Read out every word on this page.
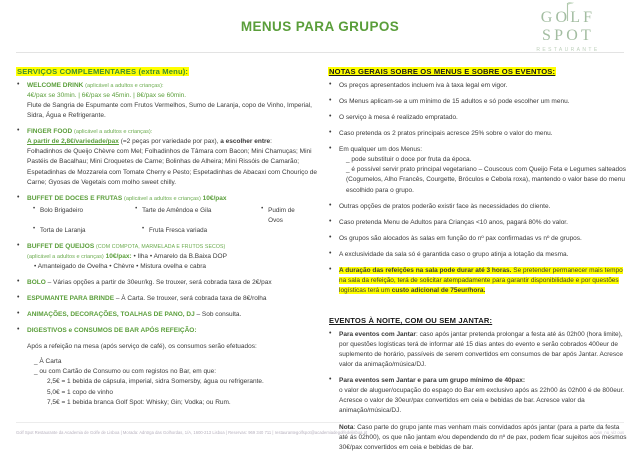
MENUS PARA GRUPOS	GOLF SPOT
RESTAURANTE
SERVIÇOS COMPLEMENTARES (extra Menu):
• WELCOME DRINK (aplicável a adultos e crianças):
4€/pax se 30min. | 6€/pax se 45min. | 8€/pax se 60min.
Flute de Sangria de Espumante com Frutos Vermelhos, Sumo de Laranja, copo de Vinho, Imperial, Sidra, Água e Refrigerante.
• FINGER FOOD (aplicável a adultos e crianças):
A partir de 2,8€/variedade/pax (=2 peças por variedade por pax), a escolher entre:
Folhadinhos de Queijo Chèvre com Mel; Folhadinhos de Tâmara com Bacon; Mini Chamuças; Mini Pastéis de Bacalhau; Mini Croquetes de Carne; Bolinhas de Alheira; Mini Rissóis de Camarão; Espetadinhas de Mozzarela com Tomate Cherry e Pesto; Espetadinhas de Abacaxi com Chouriço de Carne; Gyosas de Vegetais com molho sweet chilly.
• BUFFET DE DOCES E FRUTAS (aplicável a adultos e crianças) 10€/pax
• Bolo Brigadeiro	• Tarte de Amêndoa e Gila	• Pudim de Ovos
• Torta de Laranja	• Fruta Fresca variada
• BUFFET DE QUEIJOS (COM COMPOTA, MARMELADA E FRUTOS SECOS)
(aplicável a adultos e crianças) 10€/pax: • Ilha • Amarelo da B.Baixa DOP

• Amanteigado de Ovelha • Chèvre • Mistura ovelha e cabra
• BOLO – Várias opções a partir de 30eur/kg. Se trouxer, será cobrada taxa de 2€/pax
• ESPUMANTE PARA BRINDE – À Carta. Se trouxer, será cobrada taxa de 8€/rolha
• ANIMAÇÕES, DECORAÇÕES, TOALHAS DE PANO, DJ – Sob consulta.
• DIGESTIVOS e CONSUMOS DE BAR APÓS REFEIÇÃO:
Após a refeição na mesa (após serviço de café), os consumos serão efetuados:
_ À Carta
_ ou com Cartão de Consumo ou com registos no Bar, em que:
2,5€ = 1 bebida de cápsula, imperial, sidra Somersby, água ou refrigerante.
5,0€ = 1 copo de vinho
7,5€ = 1 bebida branca Golf Spot: Whisky; Gin; Vodka; ou Rum.
NOTAS GERAIS SOBRE OS MENUS E SOBRE OS EVENTOS:
• Os preços apresentados incluem iva à taxa legal em vigor.
• Os Menus aplicam-se a um mínimo de 15 adultos e só pode escolher um menu.
• O serviço à mesa é realizado empratado.
• Caso pretenda os 2 pratos principais acresce 25% sobre o valor do menu.
• Em qualquer um dos Menus:
_ pode substituir o doce por fruta da época.
_ é possível servir prato principal vegetariano – Couscous com Queijo Feta e Legumes salteados (Cogumelos, Alho Francês, Courgette, Bróculos e Cebola roxa), mantendo o valor base do menu escolhido para o grupo.
• Outras opções de pratos poderão existir face às necessidades do cliente.
• Caso pretenda Menu de Adultos para Crianças <10 anos, pagará 80% do valor.
• Os grupos são alocados às salas em função do nº pax confirmadas vs nº de grupos.
• A exclusividade da sala só é garantida caso o grupo atinja a lotação da mesma.
• A duração das refeições na sala pode durar até 3 horas. Se pretender permanecer mais tempo na sala da refeição, terá de solicitar atempadamente para garantir disponibilidade e por questões logísticas terá um custo adicional de 75eur/hora.
EVENTOS À NOITE, COM OU SEM JANTAR:
• Para eventos com Jantar: caso após jantar pretenda prolongar a festa até ás 02h00 (hora limite), por questões logísticas terá de informar até 15 dias antes do evento e serão cobrados 400eur de suplemento de horário, passíveis de serem convertidos em consumos de bar após Jantar. Acresce valor da animação/música/DJ.
• Para eventos sem Jantar e para um grupo mínimo de 40pax:
o valor de aluguer/ocupação do espaço do Bar em exclusivo após as 22h00 ás 02h00 é de 800eur. Acresce o valor de 30eur/pax convertidos em ceia e bebidas de bar. Acresce valor da animação/música/DJ.
Nota: Caso parte do grupo jante mas venham mais convidados após jantar (para a parte da festa até ás 02h00), os que não jantam e/ou dependendo do nº de pax, podem ficar sujeitos aos mesmos 30€/pax convertidos em ceia e bebidas de bar.
Golf Spot Restaurante da Academia de Golfe de Lisboa | Morada: Adntrga das Golhordas, 1/A, 1600-213 Lisboa | Reservas: 969 340 711 | restaurantegolfspot@academiadegolfedelisboa.pt	cvan_nu_viz ous
